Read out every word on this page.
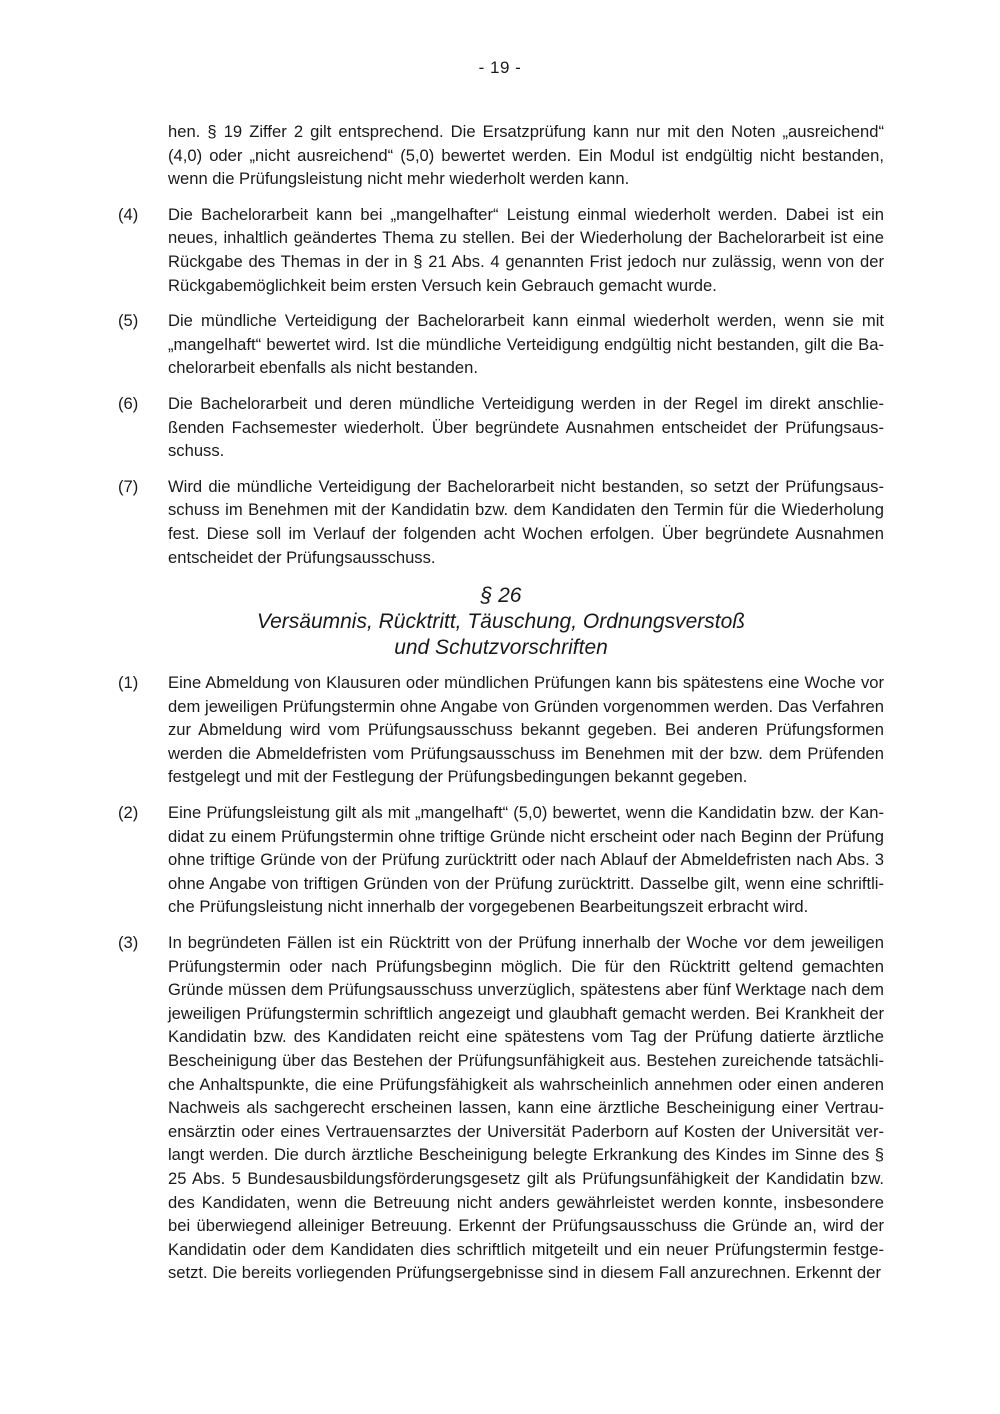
- 19 -
hen. § 19 Ziffer 2 gilt entsprechend. Die Ersatzprüfung kann nur mit den Noten „ausreichend“ (4,0) oder „nicht ausreichend“ (5,0) bewertet werden. Ein Modul ist endgültig nicht bestanden, wenn die Prüfungsleistung nicht mehr wiederholt werden kann.
(4)	Die Bachelorarbeit kann bei „mangelhafter“ Leistung einmal wiederholt werden. Dabei ist ein neues, inhaltlich geändertes Thema zu stellen. Bei der Wiederholung der Bachelorarbeit ist eine Rückgabe des Themas in der in § 21 Abs. 4 genannten Frist jedoch nur zulässig, wenn von der Rückgabemöglichkeit beim ersten Versuch kein Gebrauch gemacht wurde.
(5)	Die mündliche Verteidigung der Bachelorarbeit kann einmal wiederholt werden, wenn sie mit „mangelhaft“ bewertet wird. Ist die mündliche Verteidigung endgültig nicht bestanden, gilt die Bachelorarbeit ebenfalls als nicht bestanden.
(6)	Die Bachelorarbeit und deren mündliche Verteidigung werden in der Regel im direkt anschließenden Fachsemester wiederholt. Über begründete Ausnahmen entscheidet der Prüfungsausschuss.
(7)	Wird die mündliche Verteidigung der Bachelorarbeit nicht bestanden, so setzt der Prüfungsausschuss im Benehmen mit der Kandidatin bzw. dem Kandidaten den Termin für die Wiederholung fest. Diese soll im Verlauf der folgenden acht Wochen erfolgen. Über begründete Ausnahmen entscheidet der Prüfungsausschuss.
§ 26
Versäumnis, Rücktritt, Täuschung, Ordnungsverstoß
und Schutzvorschriften
(1)	Eine Abmeldung von Klausuren oder mündlichen Prüfungen kann bis spätestens eine Woche vor dem jeweiligen Prüfungstermin ohne Angabe von Gründen vorgenommen werden. Das Verfahren zur Abmeldung wird vom Prüfungsausschuss bekannt gegeben. Bei anderen Prüfungsformen werden die Abmeldefristen vom Prüfungsausschuss im Benehmen mit der bzw. dem Prüfenden festgelegt und mit der Festlegung der Prüfungsbedingungen bekannt gegeben.
(2)	Eine Prüfungsleistung gilt als mit „mangelhaft“ (5,0) bewertet, wenn die Kandidatin bzw. der Kandidat zu einem Prüfungstermin ohne triftige Gründe nicht erscheint oder nach Beginn der Prüfung ohne triftige Gründe von der Prüfung zurücktritt oder nach Ablauf der Abmeldefristen nach Abs. 3 ohne Angabe von triftigen Gründen von der Prüfung zurücktritt. Dasselbe gilt, wenn eine schriftliche Prüfungsleistung nicht innerhalb der vorgegebenen Bearbeitungszeit erbracht wird.
(3)	In begründeten Fällen ist ein Rücktritt von der Prüfung innerhalb der Woche vor dem jeweiligen Prüfungstermin oder nach Prüfungsbeginn möglich. Die für den Rücktritt geltend gemachten Gründe müssen dem Prüfungsausschuss unverzüglich, spätestens aber fünf Werktage nach dem jeweiligen Prüfungstermin schriftlich angezeigt und glaubhaft gemacht werden. Bei Krankheit der Kandidatin bzw. des Kandidaten reicht eine spätestens vom Tag der Prüfung datierte ärztliche Bescheinigung über das Bestehen der Prüfungsunfähigkeit aus. Bestehen zureichende tatsächliche Anhaltspunkte, die eine Prüfungsfähigkeit als wahrscheinlich annehmen oder einen anderen Nachweis als sachgerecht erscheinen lassen, kann eine ärztliche Bescheinigung einer Vertrauensärztin oder eines Vertrauensarztes der Universität Paderborn auf Kosten der Universität verlangt werden. Die durch ärztliche Bescheinigung belegte Erkrankung des Kindes im Sinne des § 25 Abs. 5 Bundesausbildungsförderungsgesetz gilt als Prüfungsunfähigkeit der Kandidatin bzw. des Kandidaten, wenn die Betreuung nicht anders gewährleistet werden konnte, insbesondere bei überwiegend alleiniger Betreuung. Erkennt der Prüfungsausschuss die Gründe an, wird der Kandidatin oder dem Kandidaten dies schriftlich mitgeteilt und ein neuer Prüfungstermin festgesetzt. Die bereits vorliegenden Prüfungsergebnisse sind in diesem Fall anzurechnen. Erkennt der
